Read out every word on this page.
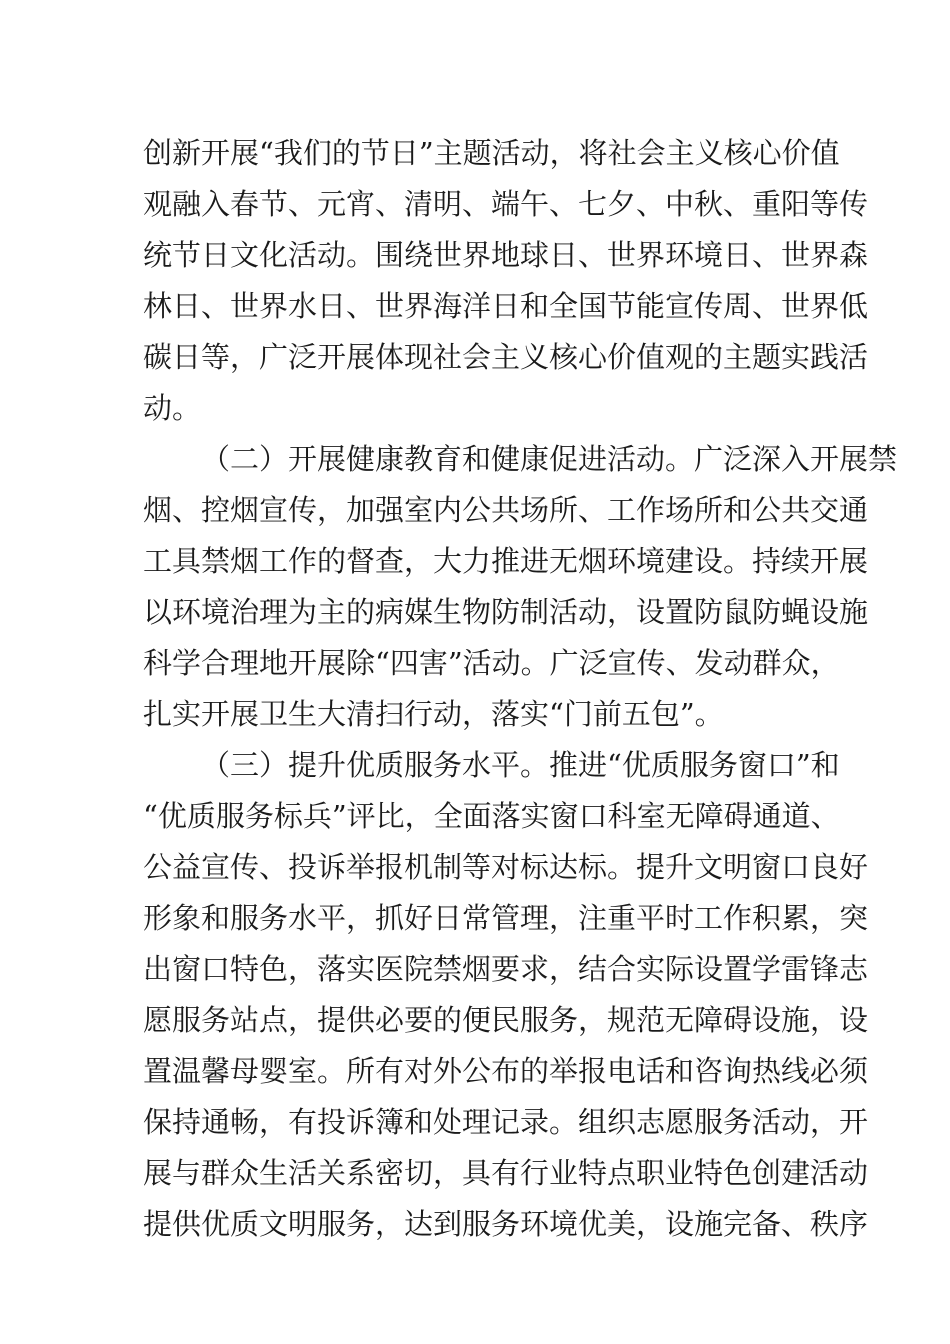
创新开展“我们的节日”主题活动，将社会主义核心价值
观融入春节、元宵、清明、端午、七夕、中秋、重阳等传
统节日文化活动。围绕世界地球日、世界环境日、世界森
林日、世界水日、世界海洋日和全国节能宣传周、世界低
碳日等，广泛开展体现社会主义核心价值观的主题实践活
动。
（二）开展健康教育和健康促进活动。广泛深入开展禁
烟、控烟宣传，加强室内公共场所、工作场所和公共交通
工具禁烟工作的督查，大力推进无烟环境建设。持续开展
以环境治理为主的病媒生物防制活动，设置防鼠防蝇设施
科学合理地开展除“四害”活动。广泛宣传、发动群众，
扎实开展卫生大清扫行动，落实“门前五包”。
（三）提升优质服务水平。推进“优质服务窗口”和
“优质服务标兵”评比，全面落实窗口科室无障碍通道、
公益宣传、投诉举报机制等对标达标。提升文明窗口良好
形象和服务水平，抓好日常管理，注重平时工作积累，突
出窗口特色，落实医院禁烟要求，结合实际设置学雷锋志
愿服务站点，提供必要的便民服务，规范无障碍设施，设
置温馨母婴室。所有对外公布的举报电话和咨询热线必须
保持通畅，有投诉簿和处理记录。组织志愿服务活动，开
展与群众生活关系密切，具有行业特点职业特色创建活动
提供优质文明服务，达到服务环境优美，设施完备、秩序
